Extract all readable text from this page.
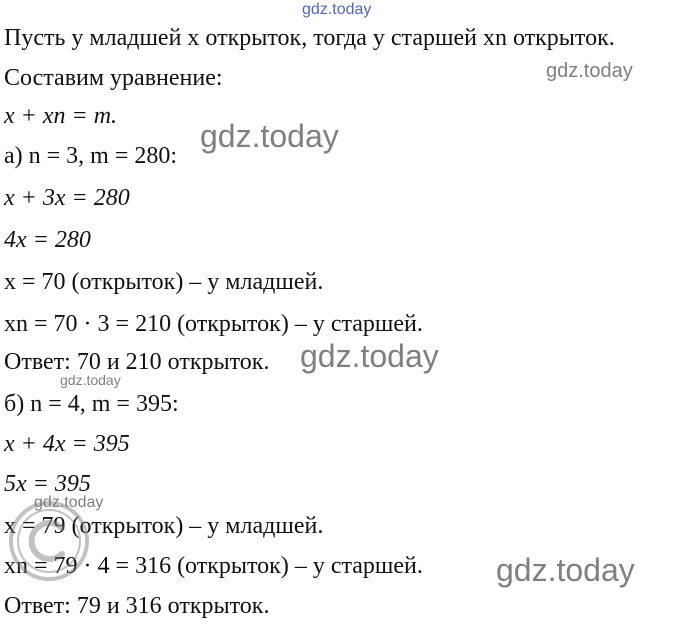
Пусть у младшей x открыток, тогда у старшей xn открыток.
Составим уравнение:
x + xn = m.
а) n = 3, m = 280:
x + 3x = 280
4x = 280
x = 70 (открыток) – у младшей.
xn = 70 · 3 = 210 (открыток) – у старшей.
Ответ: 70 и 210 открыток.
б) n = 4, m = 395:
x + 4x = 395
5x = 395
x = 79 (открыток) – у младшей.
xn = 79 · 4 = 316 (открыток) – у старшей.
Ответ: 79 и 316 открыток.
gdz.today
gdz.today
gdz.today
gdz.today
gdz.today
gdz.today
gdz.today
